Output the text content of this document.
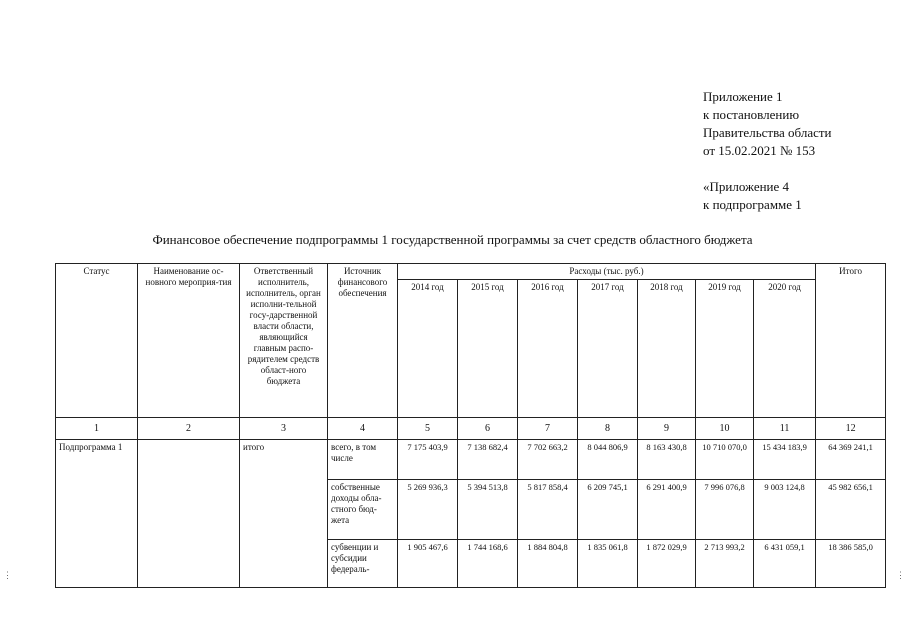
Приложение 1
к постановлению
Правительства области
от 15.02.2021 № 153
«Приложение 4
к подпрограмме 1
Финансовое обеспечение подпрограммы 1 государственной программы за счет средств областного бюджета
Статус	Наименование ос-новного мероприя-тия	Ответственный исполнитель, исполнитель, орган исполни-тельной госу-дарственной власти области, являющийся главным распо-рядителем средств област-ного бюджета	Источник финансового обеспечения	Расходы (тыс. руб.)							Итого
				2014 год	2015 год	2016 год	2017 год	2018 год	2019 год	2020 год	
1	2	3	4	5	6	7	8	9	10	11	12
Подпрограмма 1		итого	всего, в том числе	7 175 403,9	7 138 682,4	7 702 663,2	8 044 806,9	8 163 430,8	10 710 070,0	15 434 183,9	64 369 241,1
			собственные доходы обла-стного бюд-жета	5 269 936,3	5 394 513,8	5 817 858,4	6 209 745,1	6 291 400,9	7 996 076,8	9 003 124,8	45 982 656,1
			субвенции и субсидии федераль-	1 905 467,6	1 744 168,6	1 884 804,8	1 835 061,8	1 872 029,9	2 713 993,2	6 431 059,1	18 386 585,0
⋮	⋮
